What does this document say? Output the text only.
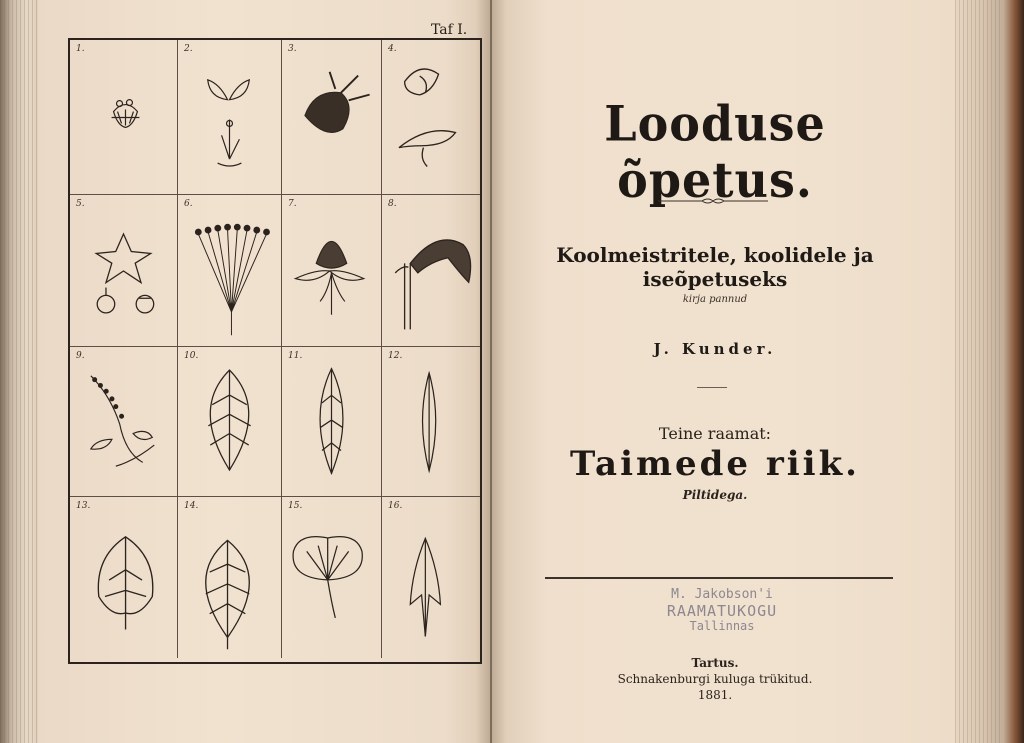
Taf I.
1.	2.	3.	4.
5.	6.	7.	8.
9.	10.	11.	12.
13.	14.	15.	16.
Looduse õpetus.
Koolmeistritele, koolidele ja iseõpetuseks
kirja pannud
J. Kunder.
Teine raamat:
Taimede riik.
Piltidega.
M. Jakobson'i
RAAMATUKOGU
Tallinnas
Tartus.
Schnakenburgi kuluga trükitud.
1881.
